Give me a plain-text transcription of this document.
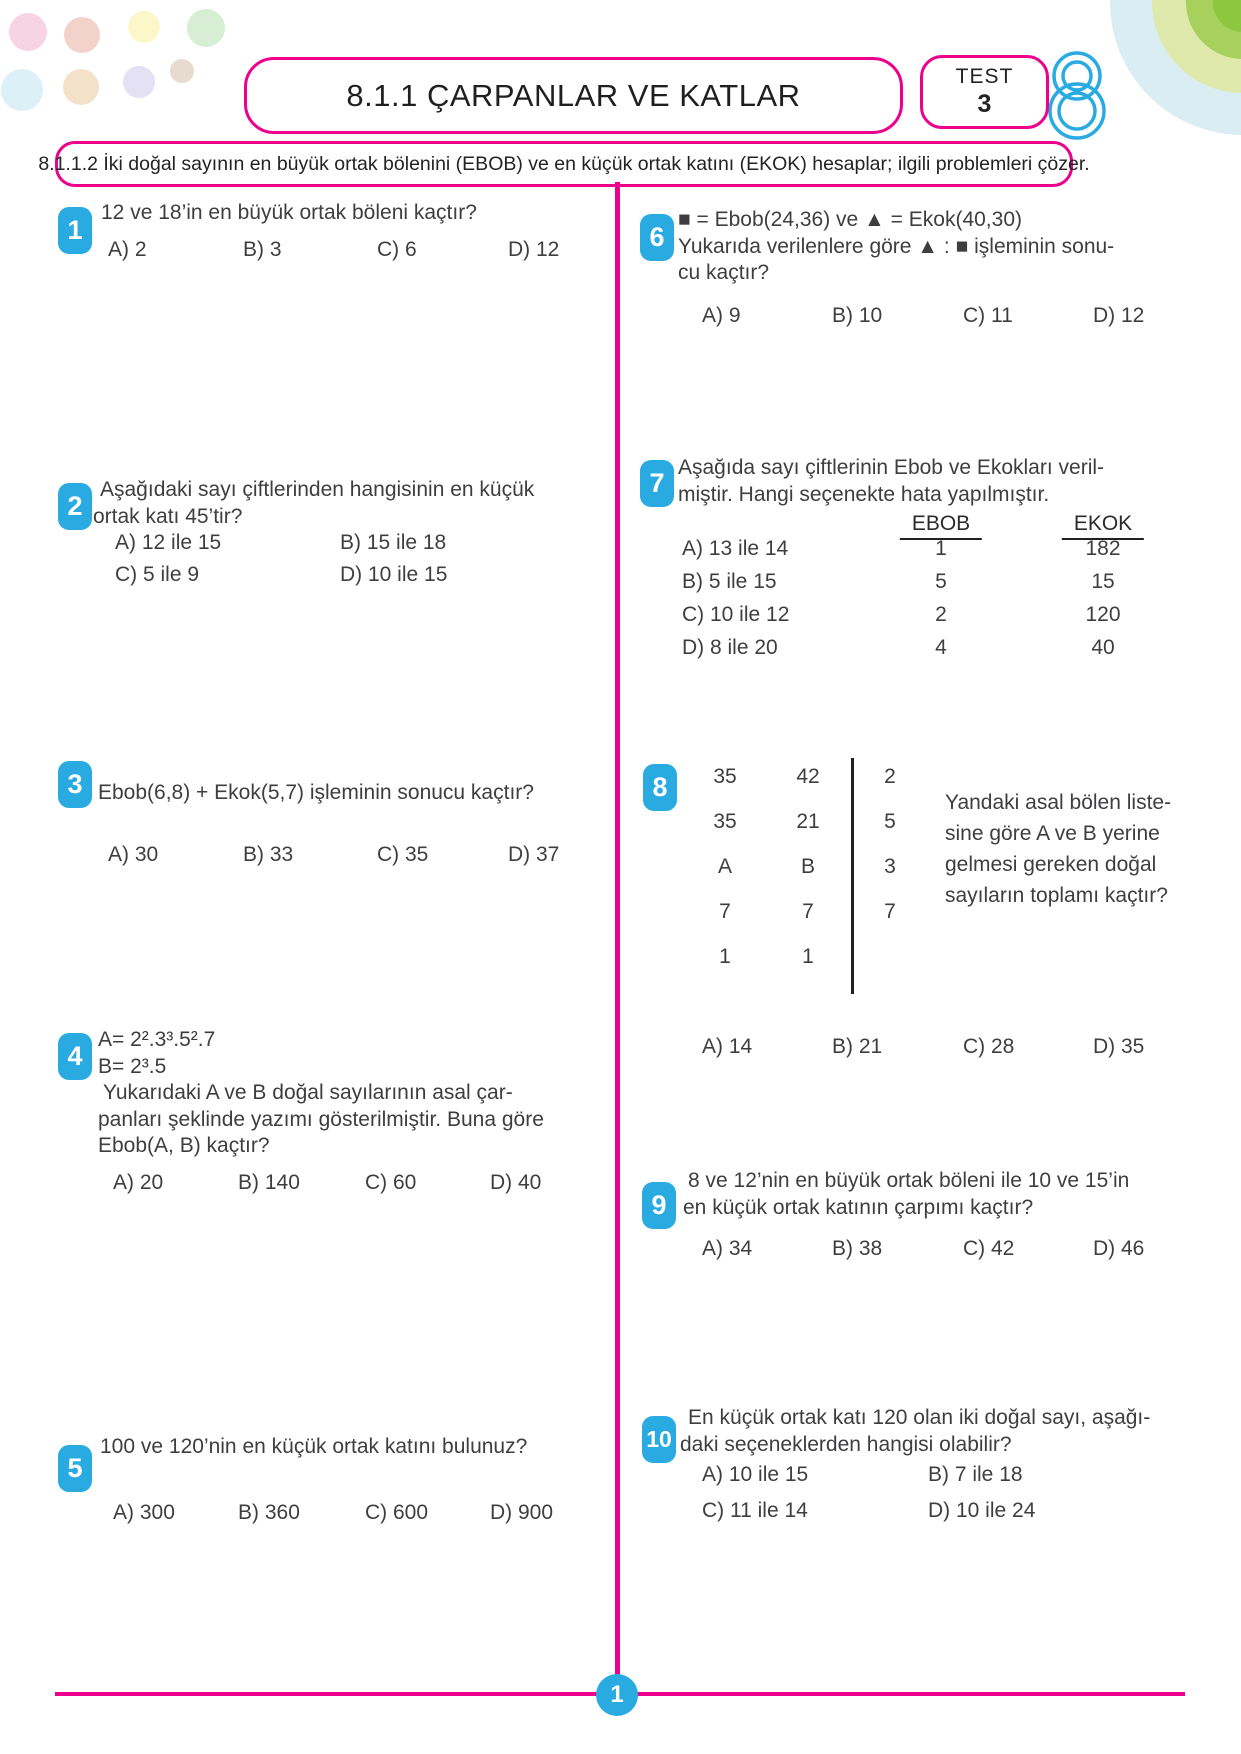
8.1.1 ÇARPANLAR VE KATLAR
TEST
3
8.1.1.2 İki doğal sayının en büyük ortak bölenini (EBOB) ve en küçük ortak katını (EKOK) hesaplar; ilgili problemleri çözer.
1
12 ve 18’in en büyük ortak böleni kaçtır?
A) 2	B) 3	C) 6	D) 12
2
Aşağıdaki sayı çiftlerinden hangisinin en küçük
ortak katı 45’tir?
A) 12 ile 15	B) 15 ile 18
C) 5 ile 9	D) 10 ile 15
3 Ebob(6,8) + Ekok(5,7) işleminin sonucu kaçtır?
A) 30	B) 33	C) 35	D) 37
4
A= 2².3³.5².7
B= 2³.5
Yukarıdaki A ve B doğal sayılarının asal çar-
panları şeklinde yazımı gösterilmiştir. Buna göre
Ebob(A, B) kaçtır?
A) 20	B) 140	C) 60	D) 40
5
100 ve 120’nin en küçük ortak katını bulunuz?
A) 300	B) 360	C) 600	D) 900
6
■ = Ebob(24,36) ve ▲ = Ekok(40,30)
Yukarıda verilenlere göre ▲ : ■ işleminin sonu-
cu kaçtır?
A) 9	B) 10	C) 11	D) 12
7
Aşağıda sayı çiftlerinin Ebob ve Ekokları veril-
miştir. Hangi seçenekte hata yapılmıştır.
EBOB	EKOK
A) 13 ile 14	1	182
B) 5 ile 15	5	15
C) 10 ile 12	2	120
D) 8 ile 20	4	40
8	35	42	2
35	21	5
A	B	3
7	7	7
1	1
Yandaki asal bölen liste-
sine göre A ve B yerine
gelmesi gereken doğal
sayıların toplamı kaçtır?
A) 14	B) 21	C) 28	D) 35
9
8 ve 12’nin en büyük ortak böleni ile 10 ve 15’in
en küçük ortak katının çarpımı kaçtır?
A) 34	B) 38	C) 42	D) 46
10
En küçük ortak katı 120 olan iki doğal sayı, aşağı-
daki seçeneklerden hangisi olabilir?
A) 10 ile 15	B) 7 ile 18
C) 11 ile 14	D) 10 ile 24
1
